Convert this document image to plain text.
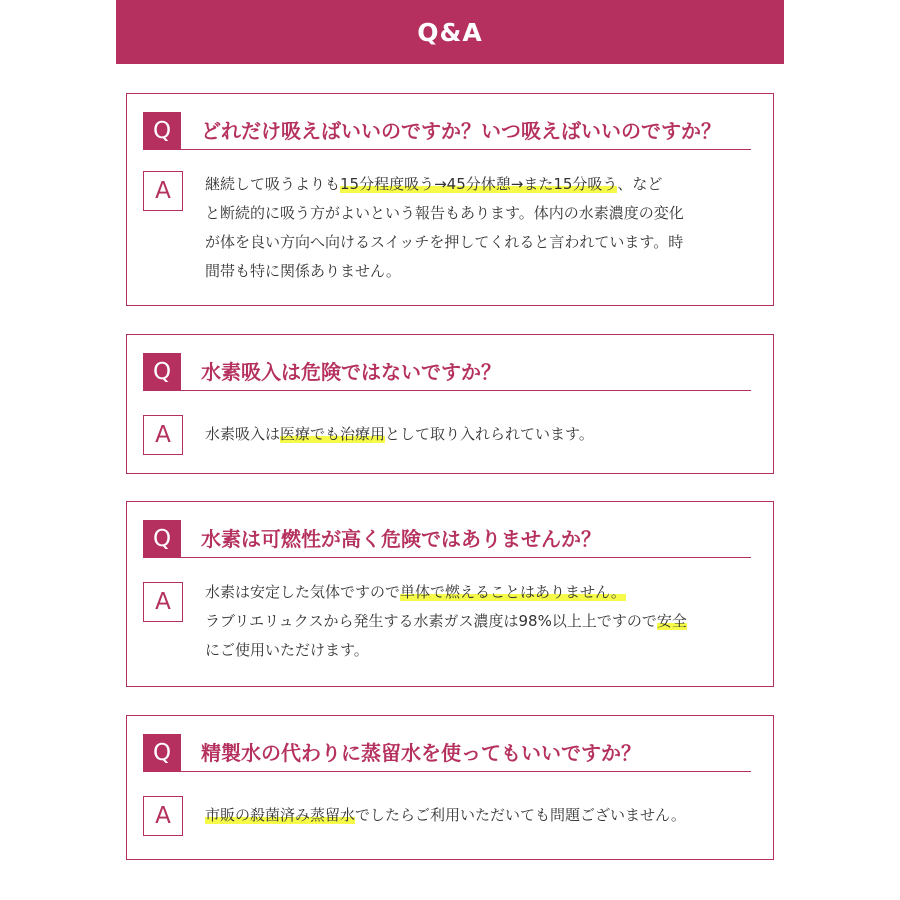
Q&A
Q	どれだけ吸えばいいのですか？いつ吸えばいいのですか？
A	継続して吸うよりも15分程度吸う→45分休憩→また15分吸う、など
と断続的に吸う方がよいという報告もあります。体内の水素濃度の変化
が体を良い方向へ向けるスイッチを押してくれると言われています。時
間帯も特に関係ありません。
Q	水素吸入は危険ではないですか？
A	水素吸入は医療でも治療用として取り入れられています。
Q	水素は可燃性が高く危険ではありませんか？
A	水素は安定した気体ですので単体で燃えることはありません。
ラブリエリュクスから発生する水素ガス濃度は98%以上上ですので安全
にご使用いただけます。
Q	精製水の代わりに蒸留水を使ってもいいですか？
A	市販の殺菌済み蒸留水でしたらご利用いただいても問題ございません。
